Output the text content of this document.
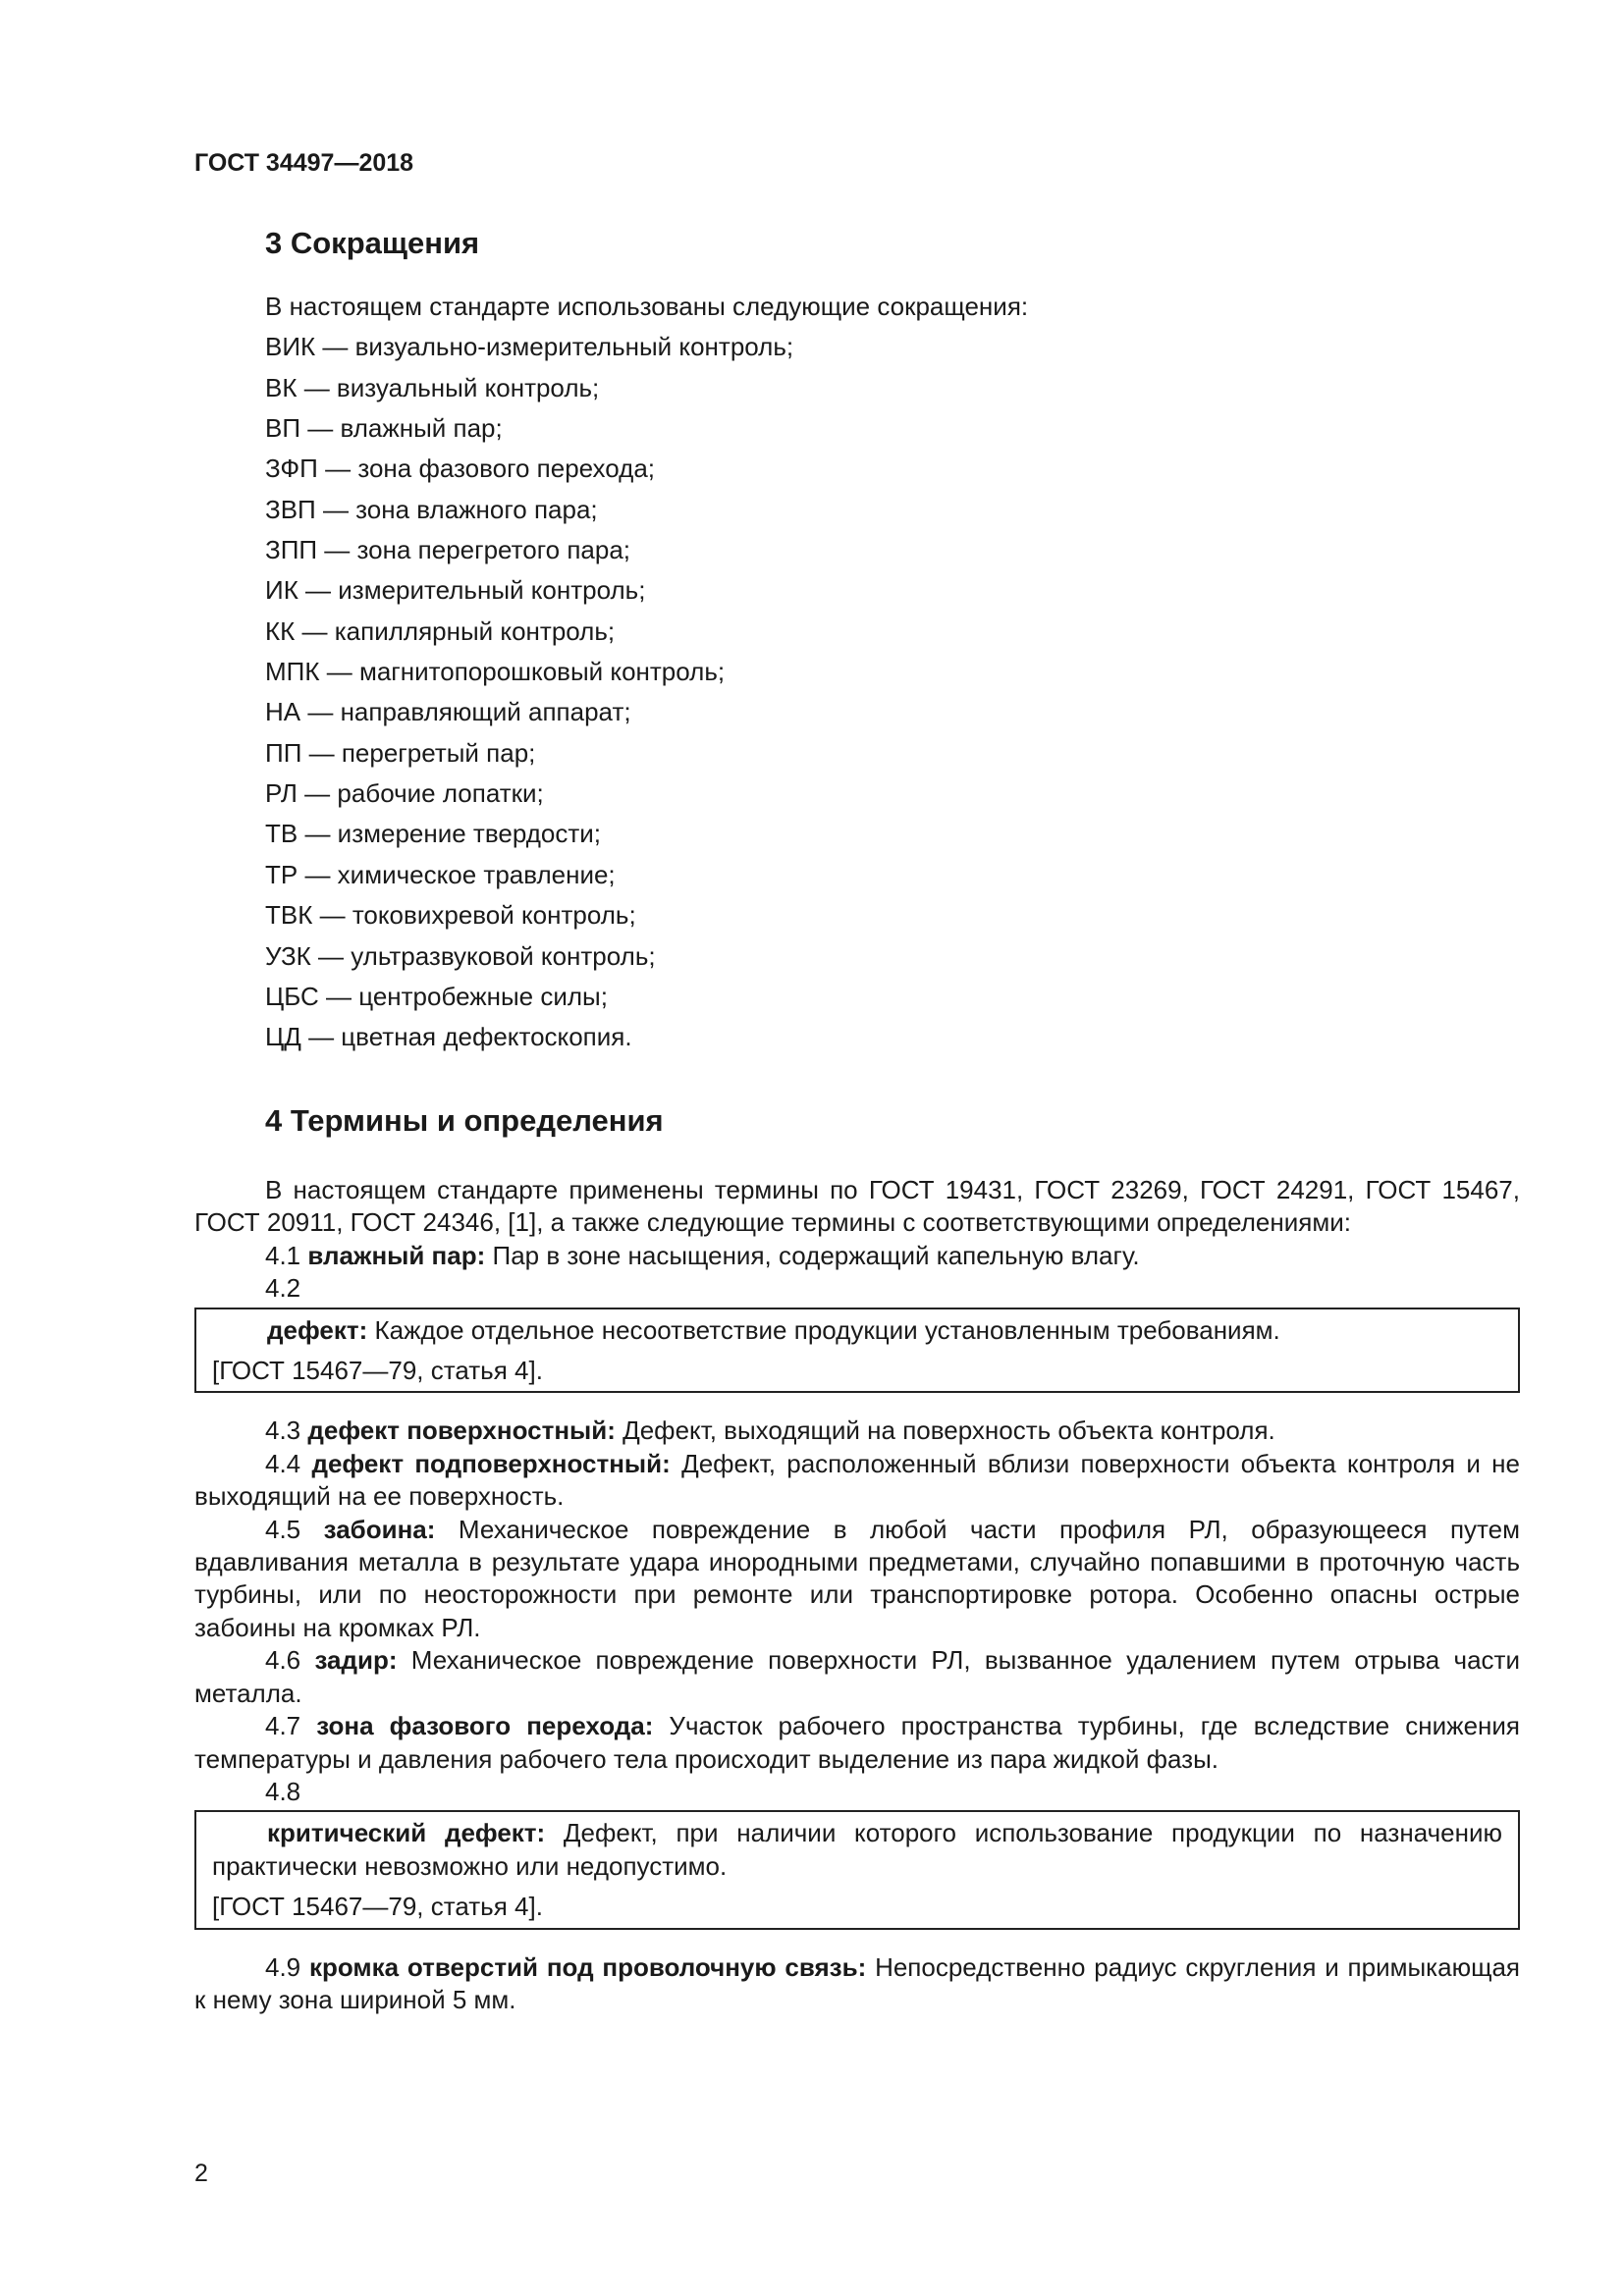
ГОСТ 34497—2018
3 Сокращения
В настоящем стандарте использованы следующие сокращения:
ВИК — визуально-измерительный контроль;
ВК — визуальный контроль;
ВП — влажный пар;
ЗФП — зона фазового перехода;
ЗВП — зона влажного пара;
ЗПП — зона перегретого пара;
ИК — измерительный контроль;
КК — капиллярный контроль;
МПК — магнитопорошковый контроль;
НА — направляющий аппарат;
ПП — перегретый пар;
РЛ — рабочие лопатки;
ТВ — измерение твердости;
ТР — химическое травление;
ТВК — токовихревой контроль;
УЗК — ультразвуковой контроль;
ЦБС — центробежные силы;
ЦД — цветная дефектоскопия.
4 Термины и определения
В настоящем стандарте применены термины по ГОСТ 19431, ГОСТ 23269, ГОСТ 24291, ГОСТ 15467, ГОСТ 20911, ГОСТ 24346, [1], а также следующие термины с соответствующими определениями:
4.1 влажный пар: Пар в зоне насыщения, содержащий капельную влагу.
4.2
дефект: Каждое отдельное несоответствие продукции установленным требованиям.
[ГОСТ 15467—79, статья 4].
4.3 дефект поверхностный: Дефект, выходящий на поверхность объекта контроля.
4.4 дефект подповерхностный: Дефект, расположенный вблизи поверхности объекта контроля и не выходящий на ее поверхность.
4.5 забоина: Механическое повреждение в любой части профиля РЛ, образующееся путем вдавливания металла в результате удара инородными предметами, случайно попавшими в проточную часть турбины, или по неосторожности при ремонте или транспортировке ротора. Особенно опасны острые забоины на кромках РЛ.
4.6 задир: Механическое повреждение поверхности РЛ, вызванное удалением путем отрыва части металла.
4.7 зона фазового перехода: Участок рабочего пространства турбины, где вследствие снижения температуры и давления рабочего тела происходит выделение из пара жидкой фазы.
4.8
критический дефект: Дефект, при наличии которого использование продукции по назначению практически невозможно или недопустимо.
[ГОСТ 15467—79, статья 4].
4.9 кромка отверстий под проволочную связь: Непосредственно радиус скругления и примыкающая к нему зона шириной 5 мм.
2
